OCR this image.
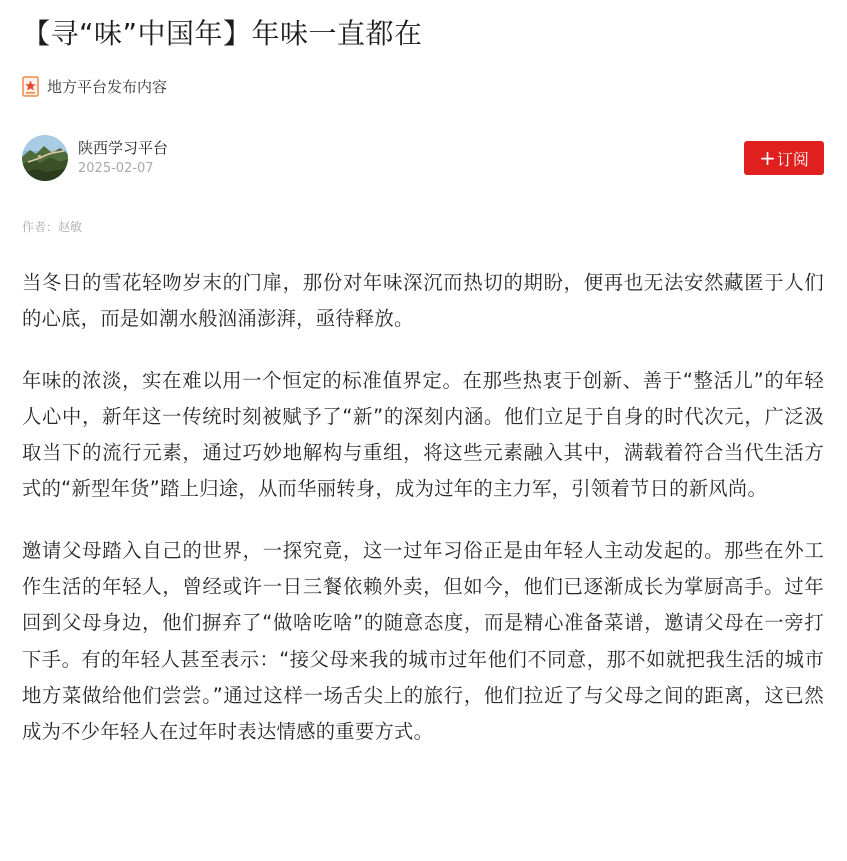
【寻“味”中国年】年味一直都在
地方平台发布内容
陕西学习平台
2025-02-07	+ 订阅
作者：赵敏

当冬日的雪花轻吻岁末的门扉，那份对年味深沉而热切的期盼，便再也无法安然藏匿于人们的心底，而是如潮水般汹涌澎湃，亟待释放。

年味的浓淡，实在难以用一个恒定的标准值界定。在那些热衷于创新、善于“整活儿”的年轻人心中，新年这一传统时刻被赋予了“新”的深刻内涵。他们立足于自身的时代次元，广泛汲取当下的流行元素，通过巧妙地解构与重组，将这些元素融入其中，满载着符合当代生活方式的“新型年货”踏上归途，从而华丽转身，成为过年的主力军，引领着节日的新风尚。

邀请父母踏入自己的世界，一探究竟，这一过年习俗正是由年轻人主动发起的。那些在外工作生活的年轻人，曾经或许一日三餐依赖外卖，但如今，他们已逐渐成长为掌厨高手。过年回到父母身边，他们摒弃了“做啥吃啥”的随意态度，而是精心准备菜谱，邀请父母在一旁打下手。有的年轻人甚至表示：“接父母来我的城市过年他们不同意，那不如就把我生活的城市地方菜做给他们尝尝。”通过这样一场舌尖上的旅行，他们拉近了与父母之间的距离，这已然成为不少年轻人在过年时表达情感的重要方式。
